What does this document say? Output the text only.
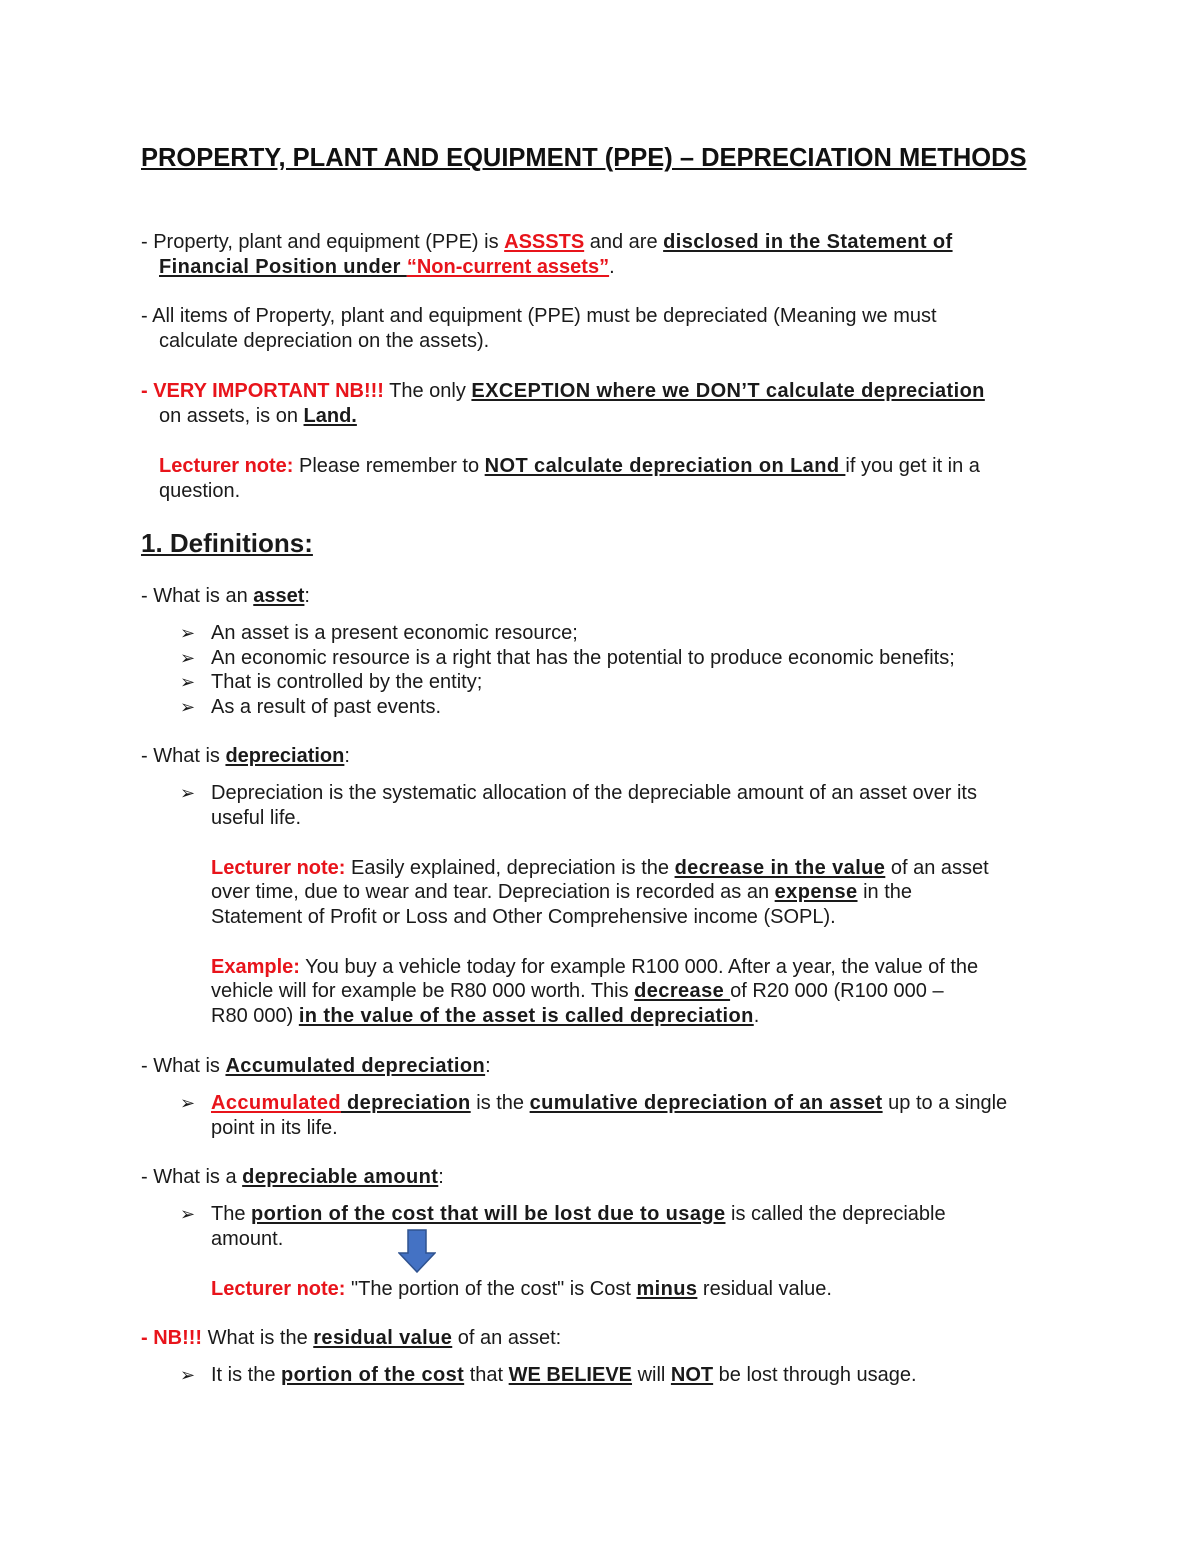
PROPERTY, PLANT AND EQUIPMENT (PPE) – DEPRECIATION METHODS
- Property, plant and equipment (PPE) is ASSSTS and are disclosed in the Statement of
Financial Position under “Non-current assets”.
- All items of Property, plant and equipment (PPE) must be depreciated (Meaning we must
calculate depreciation on the assets).
- VERY IMPORTANT NB!!! The only EXCEPTION where we DON’T calculate depreciation
on assets, is on Land.
Lecturer note: Please remember to NOT calculate depreciation on Land if you get it in a
question.
1. Definitions:
- What is an asset:
➢ An asset is a present economic resource;
➢ An economic resource is a right that has the potential to produce economic benefits;
➢ That is controlled by the entity;
➢ As a result of past events.
- What is depreciation:
➢ Depreciation is the systematic allocation of the depreciable amount of an asset over its
useful life.
Lecturer note: Easily explained, depreciation is the decrease in the value of an asset
over time, due to wear and tear. Depreciation is recorded as an expense in the
Statement of Profit or Loss and Other Comprehensive income (SOPL).
Example: You buy a vehicle today for example R100 000. After a year, the value of the
vehicle will for example be R80 000 worth. This decrease of R20 000 (R100 000 –
R80 000) in the value of the asset is called depreciation.
- What is Accumulated depreciation:
➢ Accumulated depreciation is the cumulative depreciation of an asset up to a single
point in its life.
- What is a depreciable amount:
➢ The portion of the cost that will be lost due to usage is called the depreciable
amount.
Lecturer note: "The portion of the cost" is Cost minus residual value.
- NB!!! What is the residual value of an asset:
➢ It is the portion of the cost that WE BELIEVE will NOT be lost through usage.
